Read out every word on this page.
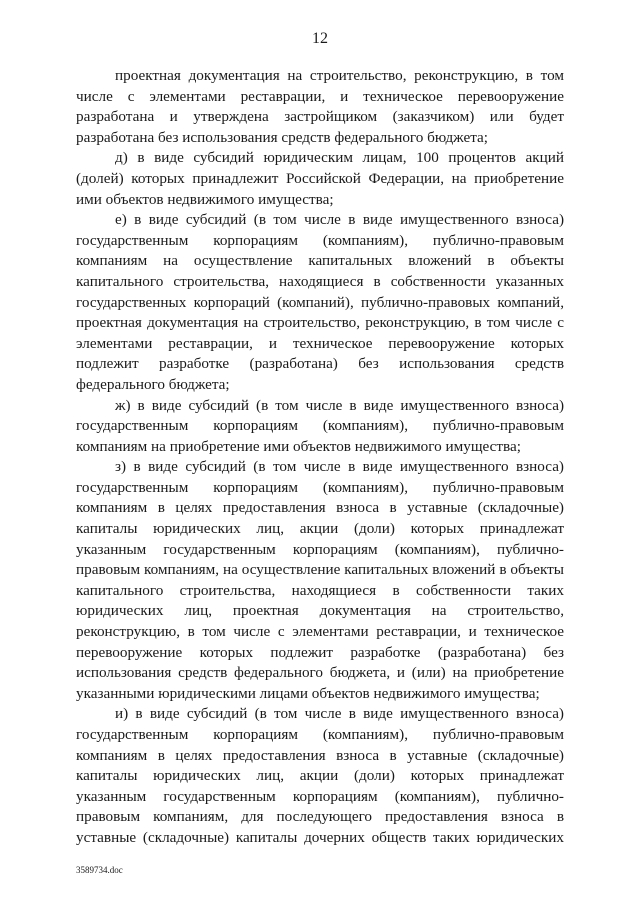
12
проектная документация на строительство, реконструкцию, в том
числе с элементами реставрации, и техническое перевооружение
разработана и утверждена застройщиком (заказчиком) или будет
разработана без использования средств федерального бюджета;
д) в виде субсидий юридическим лицам, 100 процентов акций
(долей) которых принадлежит Российской Федерации, на приобретение
ими объектов недвижимого имущества;
е) в виде субсидий (в том числе в виде имущественного взноса)
государственным корпорациям (компаниям), публично-правовым
компаниям на осуществление капитальных вложений в объекты
капитального строительства, находящиеся в собственности указанных
государственных корпораций (компаний), публично-правовых компаний,
проектная документация на строительство, реконструкцию, в том числе с
элементами реставрации, и техническое перевооружение которых
подлежит разработке (разработана) без использования средств
федерального бюджета;
ж) в виде субсидий (в том числе в виде имущественного взноса)
государственным корпорациям (компаниям), публично-правовым
компаниям на приобретение ими объектов недвижимого имущества;
з) в виде субсидий (в том числе в виде имущественного взноса)
государственным корпорациям (компаниям), публично-правовым
компаниям в целях предоставления взноса в уставные (складочные)
капиталы юридических лиц, акции (доли) которых принадлежат
указанным государственным корпорациям (компаниям), публично-
правовым компаниям, на осуществление капитальных вложений в объекты
капитального строительства, находящиеся в собственности таких
юридических лиц, проектная документация на строительство,
реконструкцию, в том числе с элементами реставрации, и техническое
перевооружение которых подлежит разработке (разработана) без
использования средств федерального бюджета, и (или) на приобретение
указанными юридическими лицами объектов недвижимого имущества;
и) в виде субсидий (в том числе в виде имущественного взноса)
государственным корпорациям (компаниям), публично-правовым
компаниям в целях предоставления взноса в уставные (складочные)
капиталы юридических лиц, акции (доли) которых принадлежат
указанным государственным корпорациям (компаниям), публично-
правовым компаниям, для последующего предоставления взноса в
уставные (складочные) капиталы дочерних обществ таких юридических
3589734.doc
